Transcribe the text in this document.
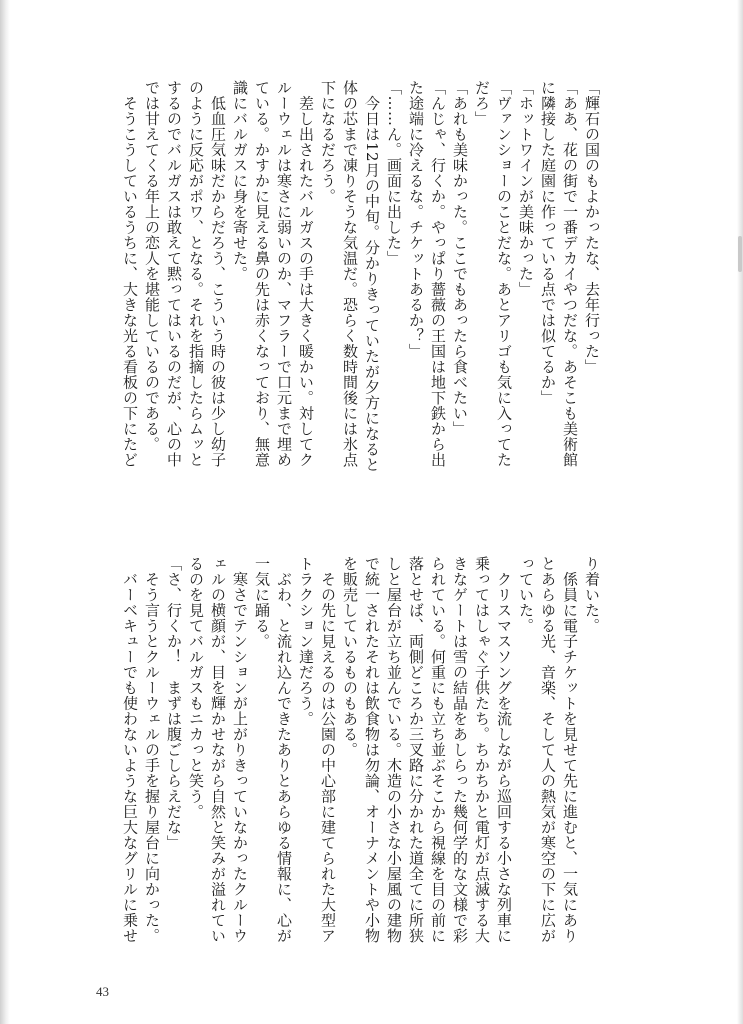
「輝石の国のもよかったな、去年行った」

「ああ、花の街で一番デカイやつだな。あそこも美術館

に隣接した庭園に作っている点では似てるか」

「ホットワインが美味かった」

「ヴァンショーのことだな。あとアリゴも気に入ってた

だろ」

「あれも美味かった。ここでもあったら食べたい」

「んじゃ、行くか。やっぱり薔薇の王国は地下鉄から出

た途端に冷えるな。チケットあるか？」

「……ん。画面に出した」

　今日は12月の中旬。分かりきっていたが夕方になると

体の芯まで凍りそうな気温だ。恐らく数時間後には氷点

下になるだろう。

　差し出されたバルガスの手は大きく暖かい。対してク

ルーウェルは寒さに弱いのか、マフラーで口元まで埋め

ている。かすかに見える鼻の先は赤くなっており、無意

識にバルガスに身を寄せた。

　低血圧気味だからだろう、こういう時の彼は少し幼子

のように反応がポワ、となる。それを指摘したらムッと

するのでバルガスは敢えて黙ってはいるのだが、心の中

では甘えてくる年上の恋人を堪能しているのである。

　そうこうしているうちに、大きな光る看板の下にたど

り着いた。

　係員に電子チケットを見せて先に進むと、一気にあり

とあらゆる光、音楽、そして人の熱気が寒空の下に広が

っていた。

　クリスマスソングを流しながら巡回する小さな列車に

乗ってはしゃぐ子供たち。ちかちかと電灯が点滅する大

きなゲートは雪の結晶をあしらった幾何学的な文様で彩

られている。何重にも立ち並ぶそこから視線を目の前に

落とせば、両側どころか三叉路に分かれた道全てに所狭

しと屋台が立ち並んでいる。木造の小さな小屋風の建物

で統一されたそれは飲食物は勿論、オーナメントや小物

を販売しているものもある。

　その先に見えるのは公園の中心部に建てられた大型ア

トラクション達だろう。

　ぶわ、と流れ込んできたありとあらゆる情報に、心が

一気に踊る。

　寒さでテンションが上がりきっていなかったクルーウ

ェルの横顔が、目を輝かせながら自然と笑みが溢れてい

るのを見てバルガスもニカっと笑う。

「さ、行くか！　まずは腹ごしらえだな」

　そう言うとクルーウェルの手を握り屋台に向かった。

　バーベキューでも使わないような巨大なグリルに乗せ

43
